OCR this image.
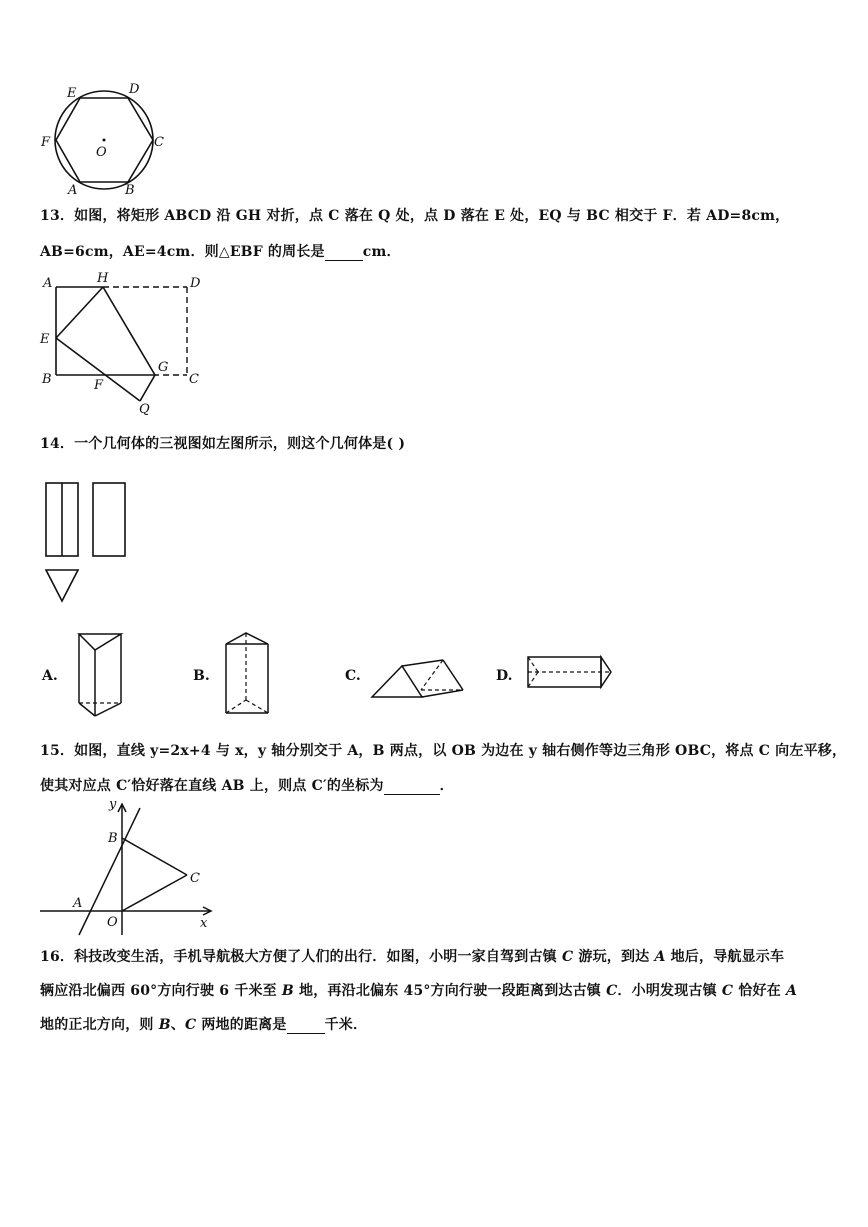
E	D
F	C
O
A	B
13．如图，将矩形 ABCD 沿 GH 对折，点 C 落在 Q 处，点 D 落在 E 处，EQ 与 BC 相交于 F．若 AD=8cm，
AB=6cm，AE=4cm．则△EBF 的周长是	cm．
A	H	D
E
B	F
G
C
Q
14．一个几何体的三视图如左图所示，则这个几何体是( )
A.	B.	C.	D.
15．如图，直线 y=2x+4 与 x，y 轴分别交于 A，B 两点，以 OB 为边在 y 轴右侧作等边三角形 OBC，将点 C 向左平移，
使其对应点 C′恰好落在直线 AB 上，则点 C′的坐标为	．
y
B
C
A
O	x
16．科技改变生活，手机导航极大方便了人们的出行．如图，小明一家自驾到古镇 C 游玩，到达 A 地后，导航显示车
辆应沿北偏西 60°方向行驶 6 千米至 B 地，再沿北偏东 45°方向行驶一段距离到达古镇 C．小明发现古镇 C 恰好在 A
地的正北方向，则 B、C 两地的距离是	千米．
